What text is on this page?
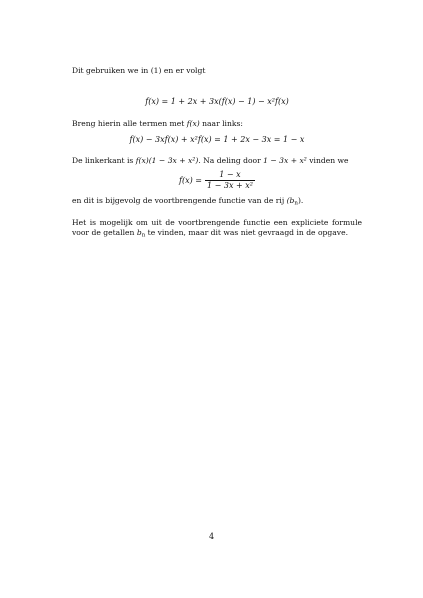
Dit gebruiken we in (1) en er volgt

f(x) = 1 + 2x + 3x(f(x) − 1) − x²f(x)

Breng hierin alle termen met f(x) naar links:

f(x) − 3xf(x) + x²f(x) = 1 + 2x − 3x = 1 − x

De linkerkant is f(x)(1 − 3x + x²). Na deling door 1 − 3x + x² vinden we

$f(x) = \frac{1 - x}{\text{1 − 3x + x²}}$

en dit is bijgevolg de voortbrengende functie van de rij $(b_n)$.

Het is mogelijk om uit de voortbrengende functie een expliciete formule voor de getallen $b_n$ te vinden, maar dit was niet gevraagd in de opgave.

4
